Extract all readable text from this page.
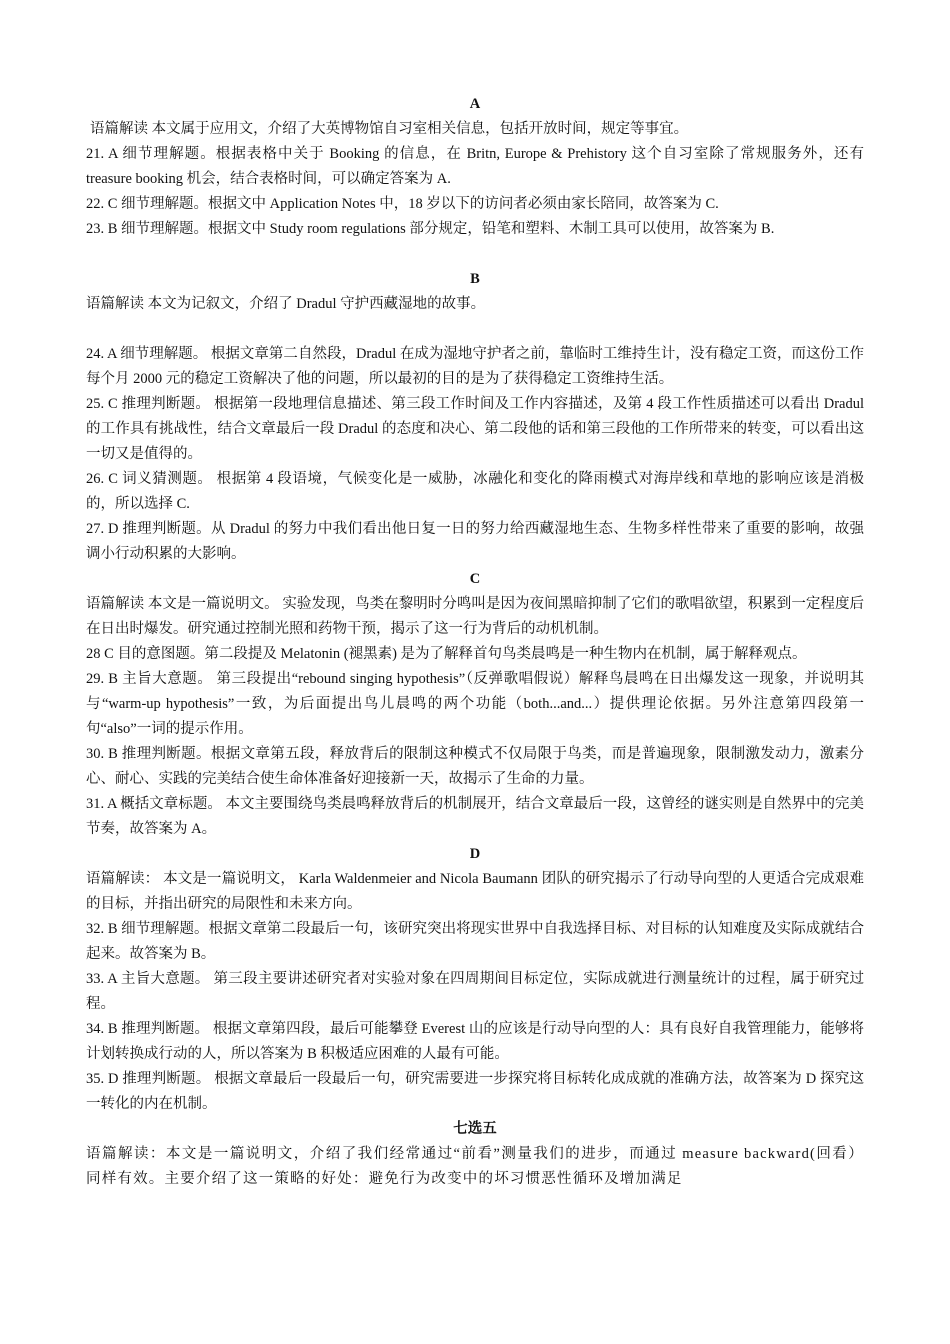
A

语篇解读 本文属于应用文，介绍了大英博物馆自习室相关信息，包括开放时间，规定等事宜。

21. A 细节理解题。根据表格中关于 Booking 的信息，在 Britn, Europe & Prehistory 这个自习室除了常规服务外，还有 treasure booking 机会，结合表格时间，可以确定答案为 A.

22. C 细节理解题。根据文中 Application Notes 中，18 岁以下的访问者必须由家长陪同，故答案为 C.

23. B 细节理解题。根据文中 Study room regulations 部分规定，铅笔和塑料、木制工具可以使用，故答案为 B.

B

语篇解读 本文为记叙文，介绍了 Dradul 守护西藏湿地的故事。

24. A 细节理解题。 根据文章第二自然段，Dradul 在成为湿地守护者之前，靠临时工维持生计，没有稳定工资，而这份工作每个月 2000 元的稳定工资解决了他的问题，所以最初的目的是为了获得稳定工资维持生活。

25. C 推理判断题。 根据第一段地理信息描述、第三段工作时间及工作内容描述，及第 4 段工作性质描述可以看出 Dradul 的工作具有挑战性，结合文章最后一段 Dradul 的态度和决心、第二段他的话和第三段他的工作所带来的转变，可以看出这一切又是值得的。

26. C 词义猜测题。 根据第 4 段语境，气候变化是一威胁，冰融化和变化的降雨模式对海岸线和草地的影响应该是消极的，所以选择 C.

27. D 推理判断题。从 Dradul 的努力中我们看出他日复一日的努力给西藏湿地生态、生物多样性带来了重要的影响，故强调小行动积累的大影响。

C

语篇解读 本文是一篇说明文。 实验发现，鸟类在黎明时分鸣叫是因为夜间黑暗抑制了它们的歌唱欲望，积累到一定程度后在日出时爆发。研究通过控制光照和药物干预，揭示了这一行为背后的动机机制。

28 C 目的意图题。第二段提及 Melatonin (褪黑素) 是为了解释首句鸟类晨鸣是一种生物内在机制，属于解释观点。

29. B 主旨大意题。 第三段提出“rebound singing hypothesis”（反弹歌唱假说）解释鸟晨鸣在日出爆发这一现象，并说明其与“warm-up hypothesis”一致，为后面提出鸟儿晨鸣的两个功能（both...and...）提供理论依据。另外注意第四段第一句“also”一词的提示作用。

30. B 推理判断题。根据文章第五段，释放背后的限制这种模式不仅局限于鸟类，而是普遍现象，限制激发动力，激素分心、耐心、实践的完美结合使生命体准备好迎接新一天，故揭示了生命的力量。

31. A 概括文章标题。 本文主要围绕鸟类晨鸣释放背后的机制展开，结合文章最后一段，这曾经的谜实则是自然界中的完美节奏，故答案为 A。

D

语篇解读： 本文是一篇说明文， Karla Waldenmeier and Nicola Baumann 团队的研究揭示了行动导向型的人更适合完成艰难的目标，并指出研究的局限性和未来方向。

32. B 细节理解题。根据文章第二段最后一句，该研究突出将现实世界中自我选择目标、对目标的认知难度及实际成就结合起来。故答案为 B。

33. A 主旨大意题。 第三段主要讲述研究者对实验对象在四周期间目标定位，实际成就进行测量统计的过程，属于研究过程。

34. B 推理判断题。 根据文章第四段，最后可能攀登 Everest 山的应该是行动导向型的人：具有良好自我管理能力，能够将计划转换成行动的人，所以答案为 B 积极适应困难的人最有可能。

35. D 推理判断题。 根据文章最后一段最后一句，研究需要进一步探究将目标转化成成就的准确方法，故答案为 D 探究这一转化的内在机制。

七选五

语篇解读：本文是一篇说明文，介绍了我们经常通过“前看”测量我们的进步，而通过 measure backward(回看）同样有效。主要介绍了这一策略的好处：避免行为改变中的坏习惯恶性循环及增加满足
